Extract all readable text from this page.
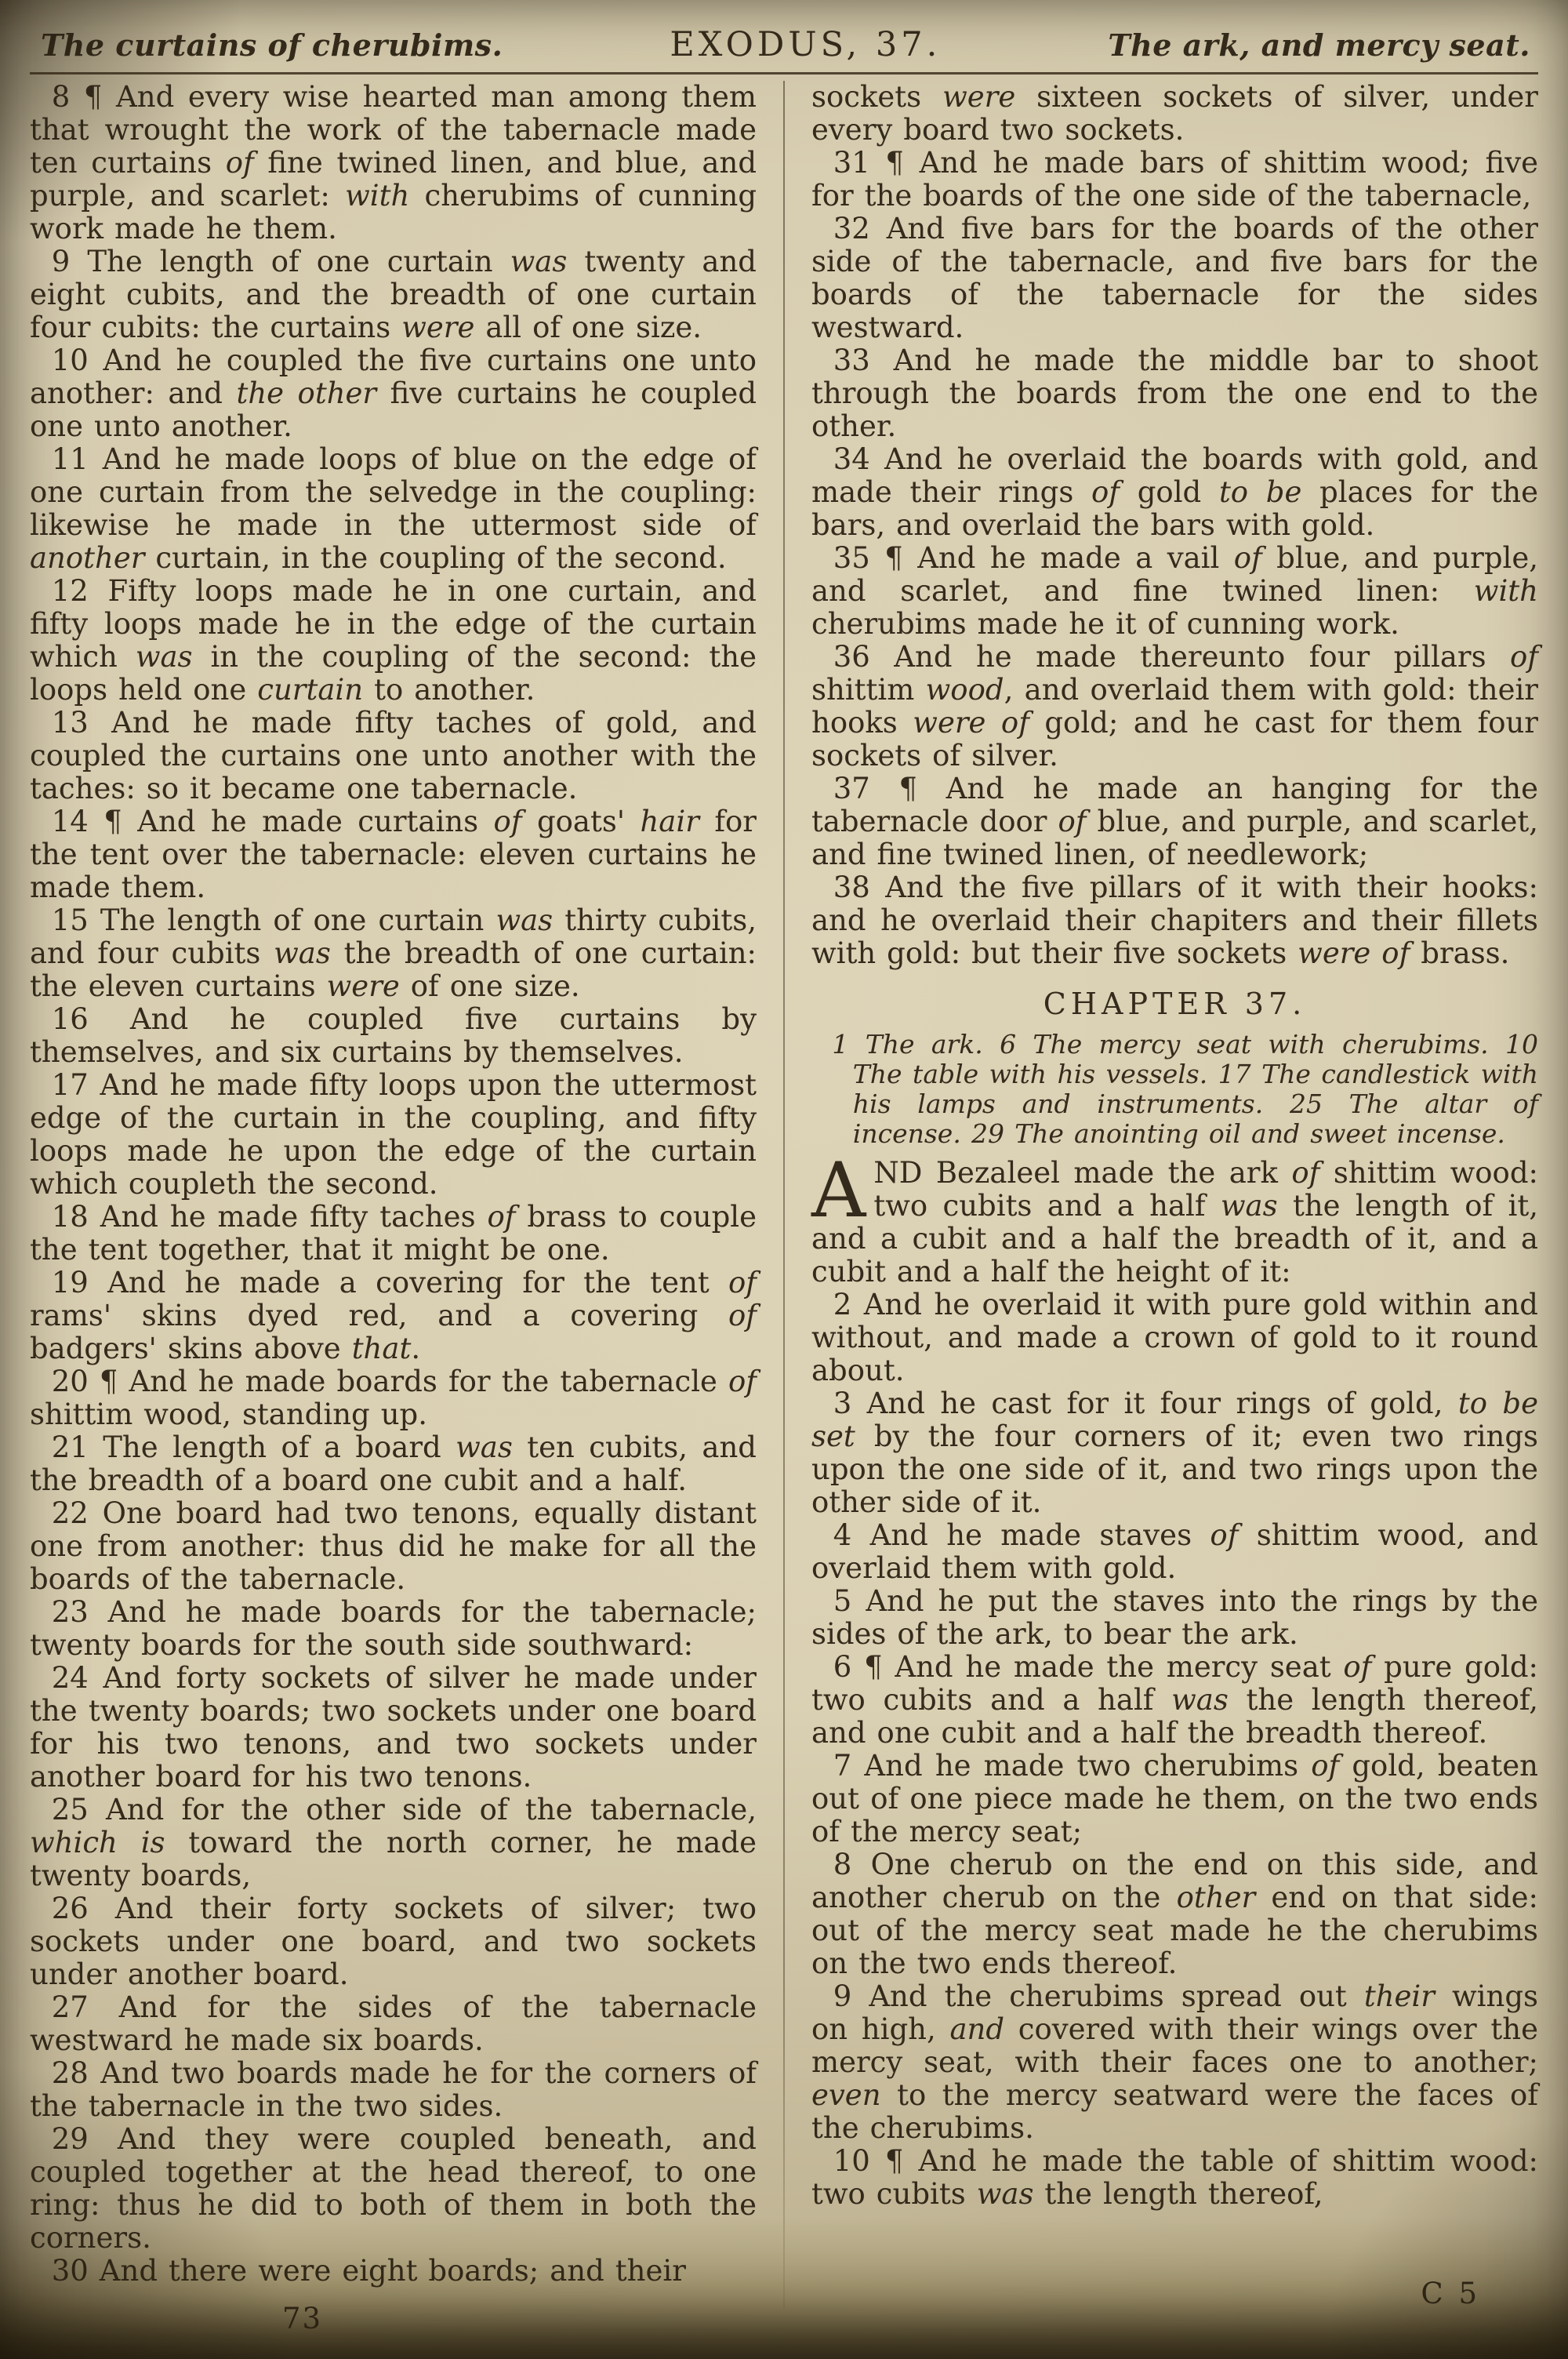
The curtains of cherubims.	EXODUS, 37.	The ark, and mercy seat.

8 ¶ And every wise hearted man among them that wrought the work of the tabernacle made ten curtains of fine twined linen, and blue, and purple, and scarlet: with cherubims of cunning work made he them.

9 The length of one curtain was twenty and eight cubits, and the breadth of one curtain four cubits: the curtains were all of one size.

10 And he coupled the five curtains one unto another: and the other five curtains he coupled one unto another.

11 And he made loops of blue on the edge of one curtain from the selvedge in the coupling: likewise he made in the uttermost side of another curtain, in the coupling of the second.

12 Fifty loops made he in one curtain, and fifty loops made he in the edge of the curtain which was in the coupling of the second: the loops held one curtain to another.

13 And he made fifty taches of gold, and coupled the curtains one unto another with the taches: so it became one tabernacle.

14 ¶ And he made curtains of goats' hair for the tent over the tabernacle: eleven curtains he made them.

15 The length of one curtain was thirty cubits, and four cubits was the breadth of one curtain: the eleven curtains were of one size.

16 And he coupled five curtains by themselves, and six curtains by themselves.

17 And he made fifty loops upon the uttermost edge of the curtain in the coupling, and fifty loops made he upon the edge of the curtain which coupleth the second.

18 And he made fifty taches of brass to couple the tent together, that it might be one.

19 And he made a covering for the tent of rams' skins dyed red, and a covering of badgers' skins above that.

20 ¶ And he made boards for the tabernacle of shittim wood, standing up.

21 The length of a board was ten cubits, and the breadth of a board one cubit and a half.

22 One board had two tenons, equally distant one from another: thus did he make for all the boards of the tabernacle.

23 And he made boards for the tabernacle; twenty boards for the south side southward:

24 And forty sockets of silver he made under the twenty boards; two sockets under one board for his two tenons, and two sockets under another board for his two tenons.

25 And for the other side of the tabernacle, which is toward the north corner, he made twenty boards,

26 And their forty sockets of silver; two sockets under one board, and two sockets under another board.

27 And for the sides of the tabernacle westward he made six boards.

28 And two boards made he for the corners of the tabernacle in the two sides.

29 And they were coupled beneath, and coupled together at the head thereof, to one ring: thus he did to both of them in both the corners.

30 And there were eight boards; and their

sockets were sixteen sockets of silver, under every board two sockets.

31 ¶ And he made bars of shittim wood; five for the boards of the one side of the tabernacle,

32 And five bars for the boards of the other side of the tabernacle, and five bars for the boards of the tabernacle for the sides westward.

33 And he made the middle bar to shoot through the boards from the one end to the other.

34 And he overlaid the boards with gold, and made their rings of gold to be places for the bars, and overlaid the bars with gold.

35 ¶ And he made a vail of blue, and purple, and scarlet, and fine twined linen: with cherubims made he it of cunning work.

36 And he made thereunto four pillars of shittim wood, and overlaid them with gold: their hooks were of gold; and he cast for them four sockets of silver.

37 ¶ And he made an hanging for the tabernacle door of blue, and purple, and scarlet, and fine twined linen, of needlework;

38 And the five pillars of it with their hooks: and he overlaid their chapiters and their fillets with gold: but their five sockets were of brass.

CHAPTER 37.

1 The ark. 6 The mercy seat with cherubims. 10 The table with his vessels. 17 The candlestick with his lamps and instruments. 25 The altar of incense. 29 The anointing oil and sweet incense.

AND Bezaleel made the ark of shittim wood: two cubits and a half was the length of it, and a cubit and a half the breadth of it, and a cubit and a half the height of it:

2 And he overlaid it with pure gold within and without, and made a crown of gold to it round about.

3 And he cast for it four rings of gold, to be set by the four corners of it; even two rings upon the one side of it, and two rings upon the other side of it.

4 And he made staves of shittim wood, and overlaid them with gold.

5 And he put the staves into the rings by the sides of the ark, to bear the ark.

6 ¶ And he made the mercy seat of pure gold: two cubits and a half was the length thereof, and one cubit and a half the breadth thereof.

7 And he made two cherubims of gold, beaten out of one piece made he them, on the two ends of the mercy seat;

8 One cherub on the end on this side, and another cherub on the other end on that side: out of the mercy seat made he the cherubims on the two ends thereof.

9 And the cherubims spread out their wings on high, and covered with their wings over the mercy seat, with their faces one to another; even to the mercy seatward were the faces of the cherubims.

10 ¶ And he made the table of shittim wood: two cubits was the length thereof,

73
C 5
